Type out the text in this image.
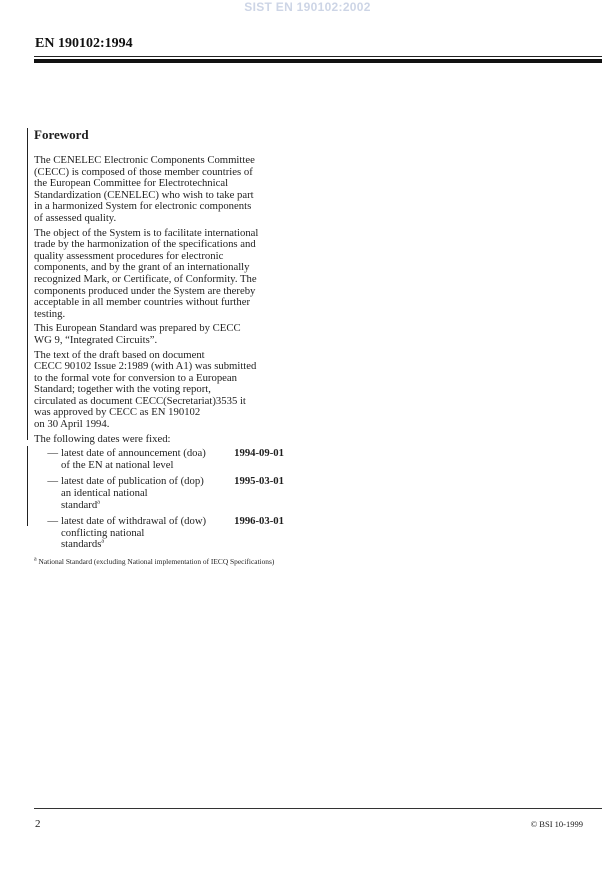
SIST EN 190102:2002
EN 190102:1994
Foreword

The CENELEC Electronic Components Committee
(CECC) is composed of those member countries of
the European Committee for Electrotechnical
Standardization (CENELEC) who wish to take part
in a harmonized System for electronic components
of assessed quality.

The object of the System is to facilitate international
trade by the harmonization of the specifications and
quality assessment procedures for electronic
components, and by the grant of an internationally
recognized Mark, or Certificate, of Conformity. The
components produced under the System are thereby
acceptable in all member countries without further
testing.

This European Standard was prepared by CECC
WG 9, “Integrated Circuits”.

The text of the draft based on document
CECC 90102 Issue 2:1989 (with A1) was submitted
to the formal vote for conversion to a European
Standard; together with the voting report,
circulated as document CECC(Secretariat)3535 it
was approved by CECC as EN 190102
on 30 April 1994.

The following dates were fixed:

— latest date of announcement (doa)	1994-09-01
of the EN at national level
— latest date of publication of (dop)	1995-03-01
an identical national
standard$^a$
— latest date of withdrawal of (dow)	1996-03-01
conflicting national
standards$^a$
$^a$ National Standard (excluding National implementation of IECQ Specifications)
2	© BSI 10-1999
